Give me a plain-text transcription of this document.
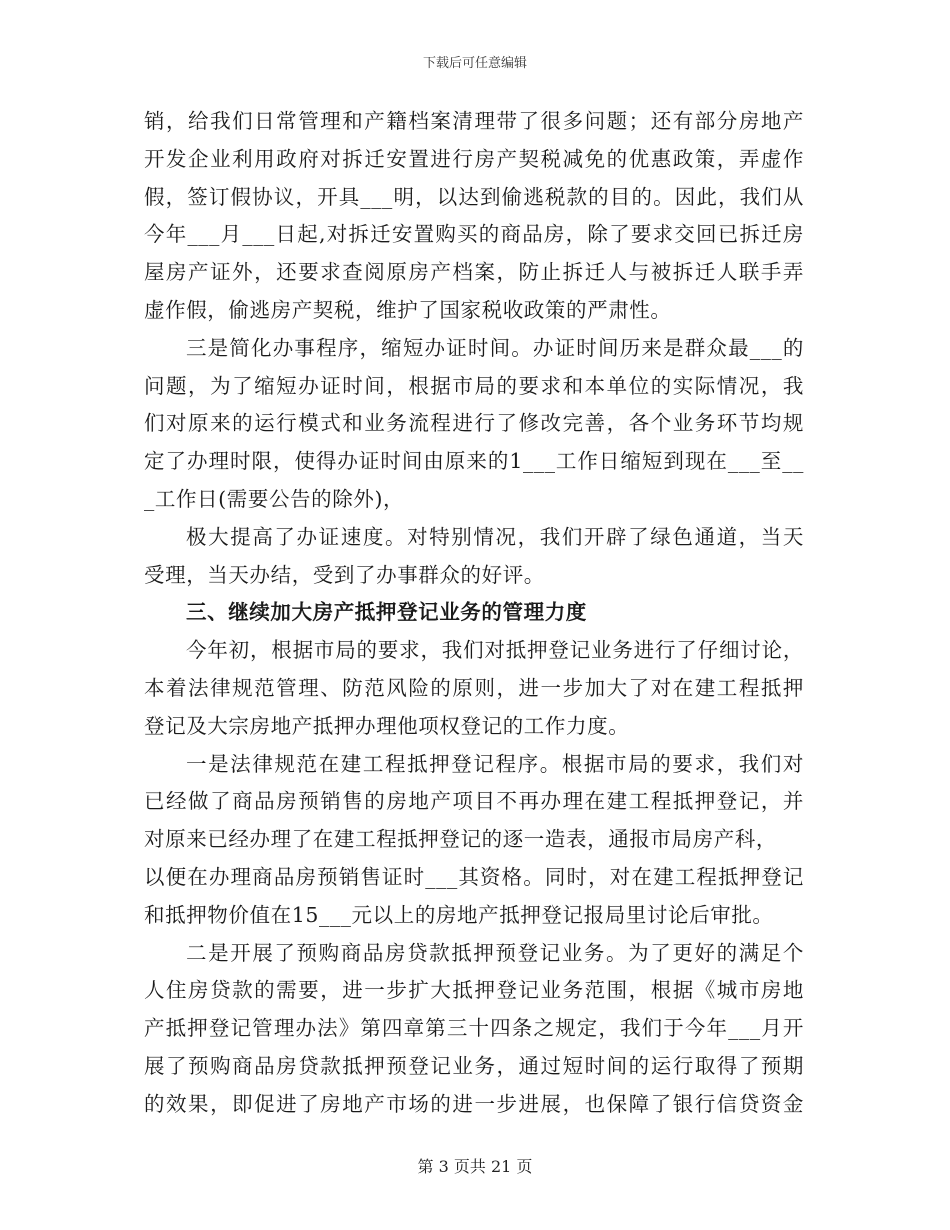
下载后可任意编辑
销，给我们日常管理和产籍档案清理带了很多问题；还有部分房地产
开发企业利用政府对拆迁安置进行房产契税减免的优惠政策，弄虚作
假，签订假协议，开具___明，以达到偷逃税款的目的。因此，我们从
今年___月___日起,对拆迁安置购买的商品房，除了要求交回已拆迁房
屋房产证外，还要求查阅原房产档案，防止拆迁人与被拆迁人联手弄
虚作假，偷逃房产契税，维护了国家税收政策的严肃性。
三是简化办事程序，缩短办证时间。办证时间历来是群众最___的
问题，为了缩短办证时间，根据市局的要求和本单位的实际情况，我
们对原来的运行模式和业务流程进行了修改完善，各个业务环节均规
定了办理时限，使得办证时间由原来的1___工作日缩短到现在___至__
_工作日(需要公告的除外)，
极大提高了办证速度。对特别情况，我们开辟了绿色通道，当天
受理，当天办结，受到了办事群众的好评。
三、继续加大房产抵押登记业务的管理力度
今年初，根据市局的要求，我们对抵押登记业务进行了仔细讨论，
本着法律规范管理、防范风险的原则，进一步加大了对在建工程抵押
登记及大宗房地产抵押办理他项权登记的工作力度。
一是法律规范在建工程抵押登记程序。根据市局的要求，我们对
已经做了商品房预销售的房地产项目不再办理在建工程抵押登记，并
对原来已经办理了在建工程抵押登记的逐一造表，通报市局房产科，
以便在办理商品房预销售证时___其资格。同时，对在建工程抵押登记
和抵押物价值在15___元以上的房地产抵押登记报局里讨论后审批。
二是开展了预购商品房贷款抵押预登记业务。为了更好的满足个
人住房贷款的需要，进一步扩大抵押登记业务范围，根据《城市房地
产抵押登记管理办法》第四章第三十四条之规定，我们于今年___月开
展了预购商品房贷款抵押预登记业务，通过短时间的运行取得了预期
的效果，即促进了房地产市场的进一步进展，也保障了银行信贷资金
第 3 页共 21 页
